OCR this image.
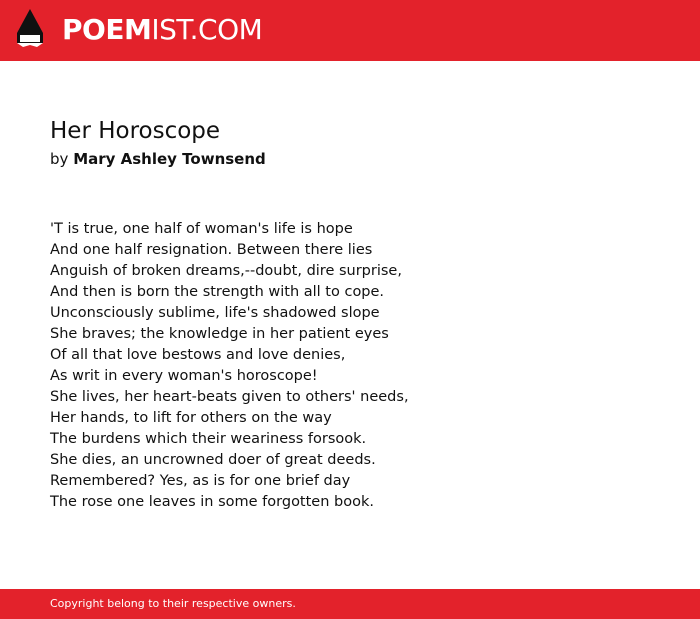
POEMIST.COM
Her Horoscope
by Mary Ashley Townsend
'T is true, one half of woman's life is hope
And one half resignation. Between there lies
Anguish of broken dreams,--doubt, dire surprise,
And then is born the strength with all to cope.
Unconsciously sublime, life's shadowed slope
She braves; the knowledge in her patient eyes
Of all that love bestows and love denies,
As writ in every woman's horoscope!
She lives, her heart-beats given to others' needs,
Her hands, to lift for others on the way
The burdens which their weariness forsook.
She dies, an uncrowned doer of great deeds.
Remembered? Yes, as is for one brief day
The rose one leaves in some forgotten book.
Copyright belong to their respective owners.
